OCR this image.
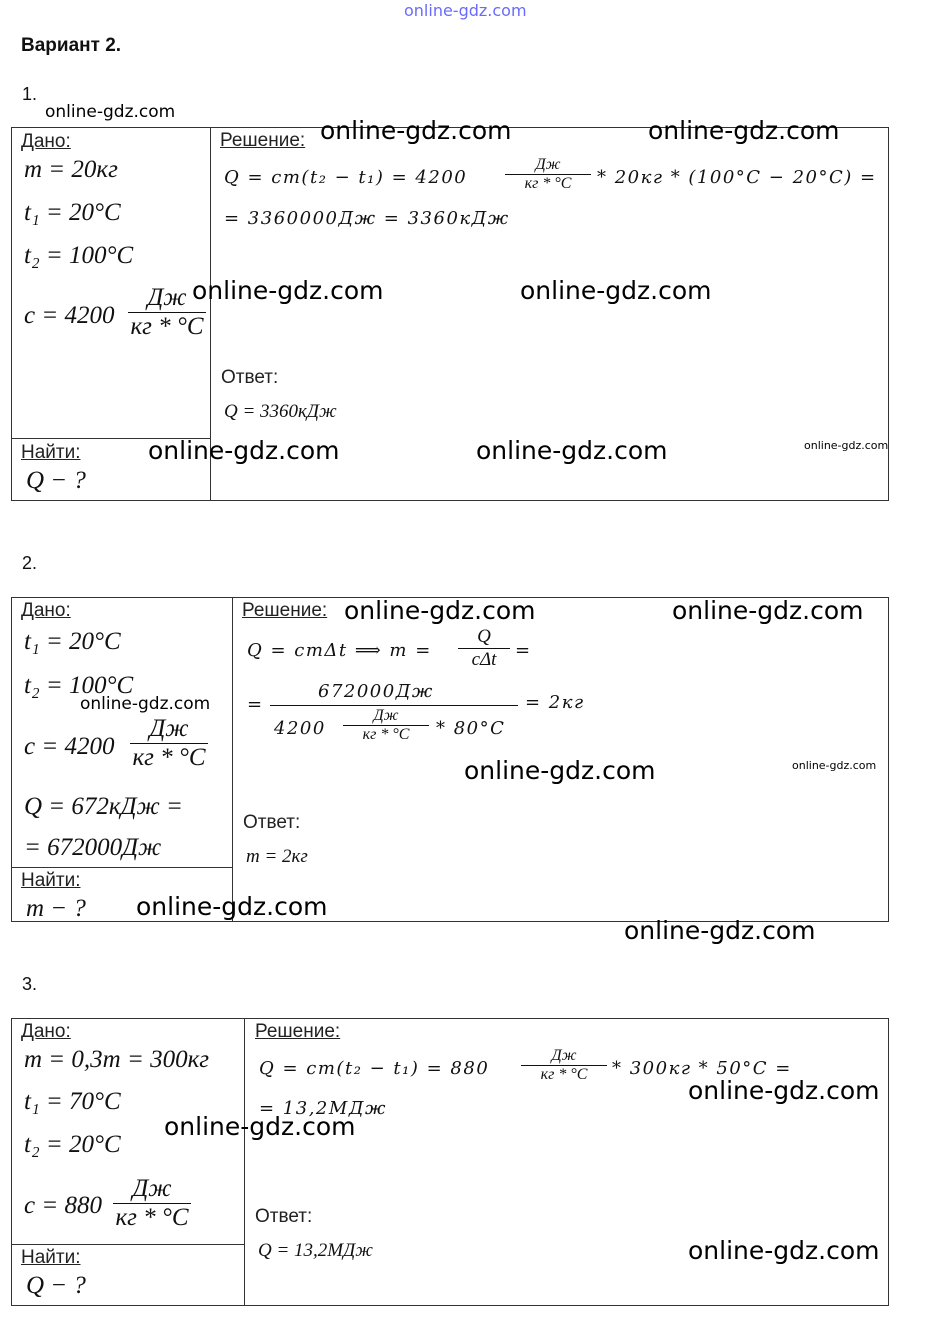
online-gdz.com
Вариант 2.
1.
online-gdz.com
Дано:
m = 20кг
t₁ = 20°C
t₂ = 100°C
c = 4200
Дж
кг * °C
Найти:
Q − ?
Решение:
Q = cm(t₂ − t₁) = 4200
Дж
кг * °C	* 20кг * (100°C − 20°C) =
= 3360000Дж = 3360кДж
Ответ:
Q = 3360кДж
online-gdz.com	online-gdz.com
online-gdz.com	online-gdz.com
online-gdz.com	online-gdz.com	online-gdz.com
2.
Дано:
t₁ = 20°C
t₂ = 100°C
c = 4200
Дж
кг * °C
Q = 672кДж =
= 672000Дж
Найти:
m − ?
Решение:
Q = cmΔt ⟹ m =
Q
cΔt	=
=
672000Дж
4200
Дж
кг * °C	* 80°C
= 2кг
Ответ:
m = 2кг
online-gdz.com	online-gdz.com
online-gdz.com
online-gdz.com	online-gdz.com
online-gdz.com
online-gdz.com
3.
Дано:
m = 0,3т = 300кг
t₁ = 70°C
t₂ = 20°C
c = 880
Дж
кг * °C
Найти:
Q − ?
Решение:
Q = cm(t₂ − t₁) = 880
Дж
кг * °C	* 300кг * 50°C =
= 13,2МДж
Ответ:
Q = 13,2МДж
online-gdz.com
online-gdz.com
online-gdz.com
